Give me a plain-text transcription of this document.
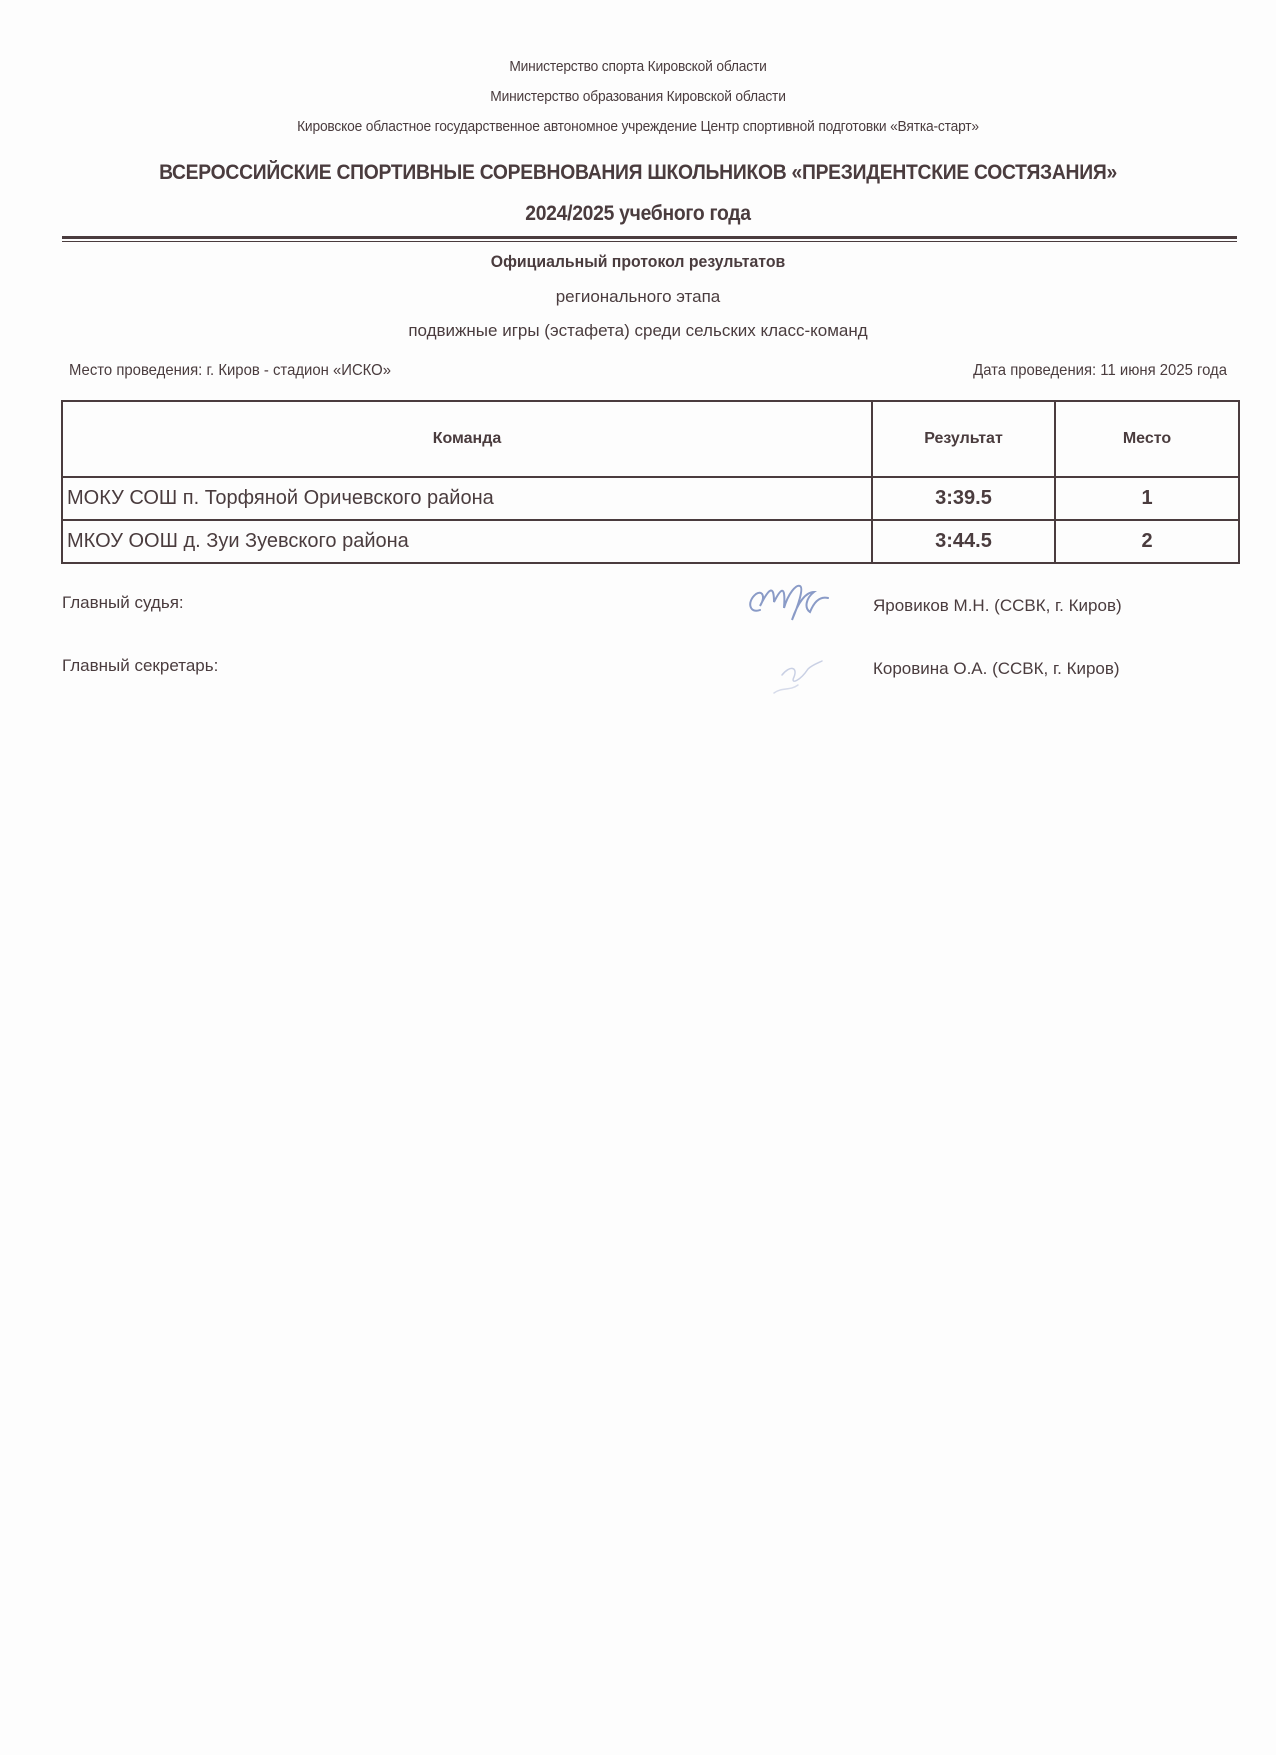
Министерство спорта Кировской области
Министерство образования Кировской области
Кировское областное государственное автономное учреждение Центр спортивной подготовки «Вятка-старт»
ВСЕРОССИЙСКИЕ СПОРТИВНЫЕ СОРЕВНОВАНИЯ ШКОЛЬНИКОВ «ПРЕЗИДЕНТСКИЕ СОСТЯЗАНИЯ»
2024/2025 учебного года
Официальный протокол результатов
регионального этапа
подвижные игры (эстафета) среди сельских класс-команд
Место проведения: г. Киров - стадион «ИСКО»	Дата проведения: 11 июня 2025 года
Команда	Результат	Место
МОКУ СОШ п. Торфяной Оричевского района	3:39.5	1
МКОУ ООШ д. Зуи Зуевского района	3:44.5	2
Главный судья:	Яровиков М.Н. (ССВК, г. Киров)
Главный секретарь:	Коровина О.А. (ССВК, г. Киров)
